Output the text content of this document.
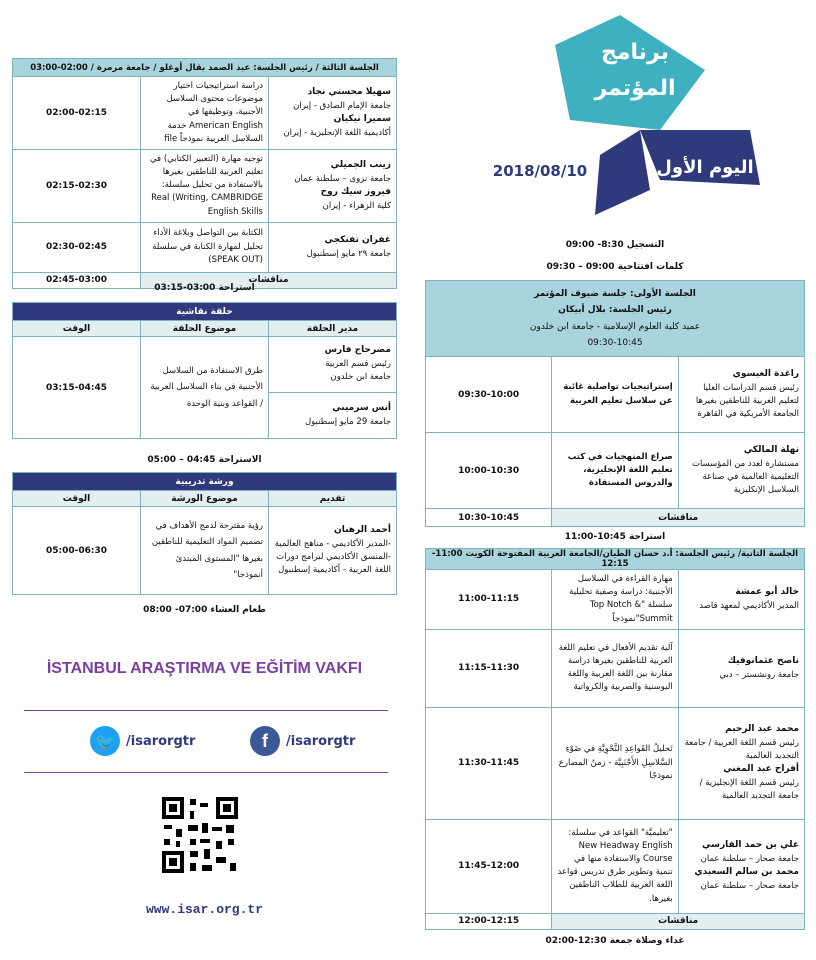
برنامج
المؤتمر
اليوم الأول
2018/08/10
التسجيل 8:30- 09:00
كلمات افتتاحية 09:00 – 09:30
الجلسة الأولى: جلسة ضيوف المؤتمر
رئيس الجلسة: بلال أبيكان
عميد كلية العلوم الإسلامية - جامعة ابن خلدون
09:30-10:45		

راغدة العيسوي
رئيس قسم الدراسات العليا لتعليم العربية للناطقين بغيرها الجامعة الأمريكية في القاهرة	إستراتيجيات تواصلية غائبة عن سلاسل تعليم العربية	09:30-10:00

نهلة المالكي
مستشارة لعدد من المؤسسات التعليمية العالمية في صناعة السلاسل الإنكليزية	صراع المنهجيات في كتب تعليم اللغة الإنجليزية، والدروس المستفادة	10:00-10:30
مناقشات		10:30-10:45
استراحة 10:45-11:00
الجلسة الثانية/ رئيس الجلسة: أ.د حسان الطيان/الجامعة العربية المفتوحة الكويت 11:00-12:15		

خالد أبو عمشة
المدير الأكاديمي لمعهد قاصد	مهارة القراءة في السلاسل الأجنبية: دراسة وصفية تحليلية سلسلة "Top Notch & Summit"نموذجاً	11:00-11:15

ناصح عثمانوفيك
جامعة رونشستر – دبي	آلية تقديم الأفعال في تعليم اللغة العربية للناطقين بغيرها دراسة مقارنة بين اللغة العربية واللغة البوسنية والصربية والكرواتية	11:15-11:30

محمد عبد الرحيم
رئيس قسم اللغة العربية / جامعة التجديد العالمية
أفراح عبد المغني
رئيس قسم اللغة الإنجليزية / جامعة التجديد العالمية	تَحليلُ القَواعِدِ النَّحْوِيَّةِ في ضَوْءِ السَّلاسِلِ الأَجْنَبِيَّة - زمنُ المضارع نموذجًا	11:30-11:45

علي بن حمد الفارسي
جامعة صحار – سلطنة عمان
محمد بن سالم السعيدي
جامعة صحار – سلطنة عمان	"تعليميَّة" القواعد في سلسلة: New Headway English Course والاستفادة منها في تنمية وتطوير طرق تدريس قواعد اللغة العربية للطلاب الناطقين بغيرها.	11:45-12:00
مناقشات		12:00-12:15
غداء وصلاة جمعة 12:30-02:00
الجلسة الثالثة / رئيس الجلسة: عبد الصمد بقال أوغلو / جامعة مرمرة / 02:00-03:00		

سهيلا محسني نجاد
جامعة الإمام الصادق - إيران
سميرا نيكيان
أكاديمية اللغة الإنجليزية - إيران	دراسة استراتيجيات اختيار موضوعات محتوى السلاسل الأجنبية، وتوظيفها في American English خدمة السلاسل العربية نموذجاً file	02:00-02:15

زينب الجميلي
جامعة نزوى – سلطنة عمان
فيروز سيك روح
كلية الزهراء - إيران	توجيه مهارة (التعبير الكتابي) في تعليم العربية للناطقين بغيرها بالاستفادة من تحليل سلسلة: Real (Writing, CAMBRIDGE English Skills	02:15-02:30

غفران تفنكجي
جامعة ٢٩ مايو إسطنبول	الكتابة بين التواصل وبلاغة الأداء تحليل لمهارة الكتابة في سلسلة (SPEAK OUT)	02:30-02:45
مناقشات		02:45-03:00
استراحة 03:00-03:15
حلقة نقاشية		
مدير الحلقة	موضوع الحلقة	الوقت

مضرحاج فارس
رئيس قسم العربية
جامعة ابن خلدون	طرق الاستفادة من السلاسل الأجنبية في بناء السلاسل العربية / القواعد وبنية الوحدة	03:15-04:45

أنس سرميني
جامعة 29 مايو إسطنبول		
الاستراحة 04:45 – 05:00
ورشة تدريبية		
تقديم	موضوع الورشة	الوقت

أحمد الرهبان
-المدير الأكاديمي - مناهج العالمية -المنسق الأكاديمي لبرامج دورات اللغة العربية - أكاديمية إسطنبول	رؤية مقترحة لدمج الأهداف في تصميم المواد التعليمية للناطقين بغيرها "المستوى المبتدئ أنموذجا"	05:00-06:30
طعام العشاء 07:00- 08:00
İSTANBUL ARAŞTIRMA VE EĞİTİM VAKFI
🐦 /isarorgtr	f	/isarorgtr
www.isar.org.tr
